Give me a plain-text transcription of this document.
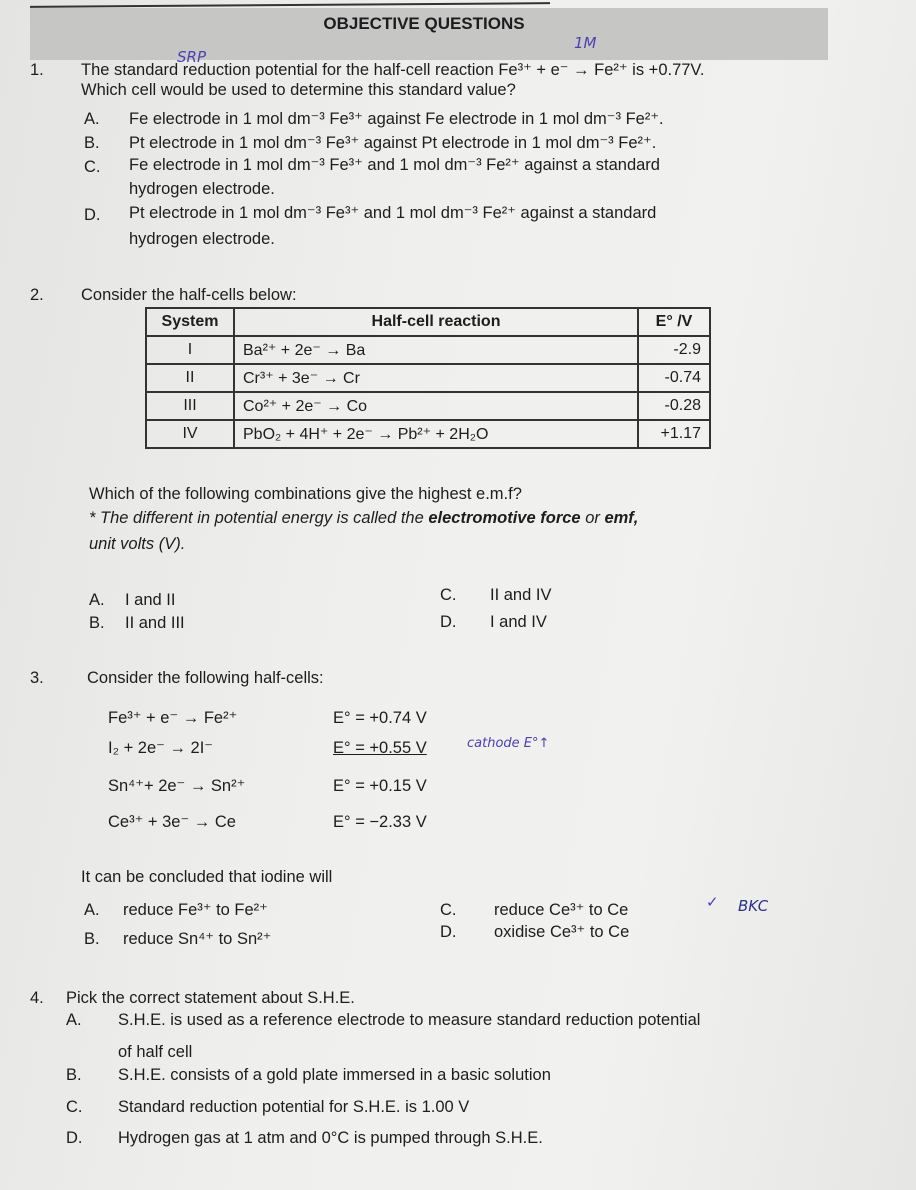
OBJECTIVE QUESTIONS
SRP
1M
cathode E°↑
✓ BKC
1. The standard reduction potential for the half-cell reaction Fe³⁺ + e⁻ → Fe²⁺ is +0.77V.
Which cell would be used to determine this standard value?
A. Fe electrode in 1 mol dm⁻³ Fe³⁺ against Fe electrode in 1 mol dm⁻³ Fe²⁺.
B. Pt electrode in 1 mol dm⁻³ Fe³⁺ against Pt electrode in 1 mol dm⁻³ Fe²⁺.
C. Fe electrode in 1 mol dm⁻³ Fe³⁺ and 1 mol dm⁻³ Fe²⁺ against a standard
hydrogen electrode.
D. Pt electrode in 1 mol dm⁻³ Fe³⁺ and 1 mol dm⁻³ Fe²⁺ against a standard
hydrogen electrode.
2. Consider the half-cells below:
System	Half-cell reaction	E° /V
I	Ba²⁺ + 2e⁻ → Ba	-2.9
II	Cr³⁺ + 3e⁻ → Cr	-0.74
III	Co²⁺ + 2e⁻ → Co	-0.28
IV	PbO₂ + 4H⁺ + 2e⁻ → Pb²⁺ + 2H₂O	+1.17
Which of the following combinations give the highest e.m.f?
* The different in potential energy is called the electromotive force or emf,
unit volts (V).
A. I and II
B. II and III
C. II and IV
D. I and IV
3.	Consider the following half-cells:
Fe³⁺ + e⁻ → Fe²⁺	E° = +0.74 V
I₂ + 2e⁻ → 2I⁻	E° = +0.55 V
Sn⁴⁺+ 2e⁻ → Sn²⁺	E° = +0.15 V
Ce³⁺ + 3e⁻ → Ce	E° = −2.33 V
It can be concluded that iodine will
A. reduce Fe³⁺ to Fe²⁺
B. reduce Sn⁴⁺ to Sn²⁺
C. reduce Ce³⁺ to Ce
D. oxidise Ce³⁺ to Ce
4. Pick the correct statement about S.H.E.
A. S.H.E. is used as a reference electrode to measure standard reduction potential
of half cell
B. S.H.E. consists of a gold plate immersed in a basic solution
C. Standard reduction potential for S.H.E. is 1.00 V
D. Hydrogen gas at 1 atm and 0°C is pumped through S.H.E.
